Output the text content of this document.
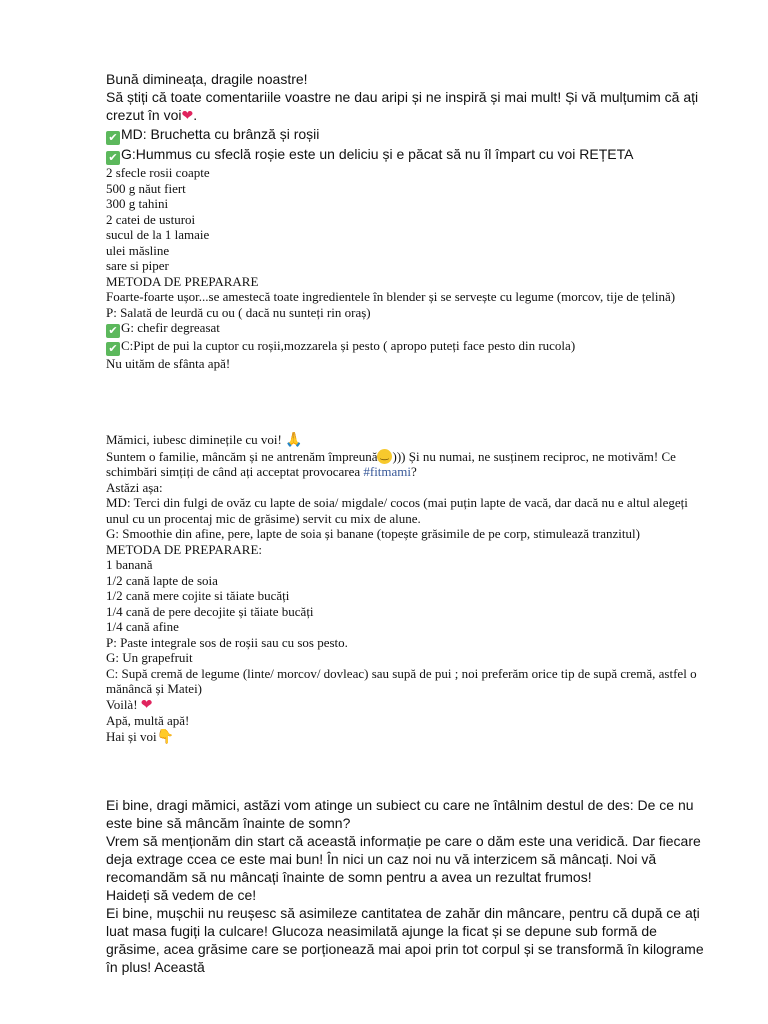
Bună dimineața, dragile noastre!

Să știți că toate comentariile voastre ne dau aripi și ne inspiră și mai mult! Și vă mulțumim că ați crezut în voi❤.

✔ MD: Bruchetta cu brânză și roșii

✔ G:Hummus cu sfeclă roșie este un deliciu și e păcat să nu îl împart cu voi REȚETA

2 sfecle rosii coapte

500 g năut fiert

300 g tahini

2 catei de usturoi

sucul de la 1 lamaie

ulei măsline

sare si piper

METODA DE PREPARARE

Foarte-foarte ușor...se amestecă toate ingredientele în blender și se servește cu legume (morcov, tije de țelină)

P: Salată de leurdă cu ou ( dacă nu sunteți rin oraș)

✔ G: chefir degreasat

✔ C:Pipt de pui la cuptor cu roșii,mozzarela și pesto ( apropo puteți face pesto din rucola)

Nu uităm de sfânta apă!

Mămici, iubesc diminețile cu voi! 🙏

Suntem o familie, mâncăm și ne antrenăm împreună‿ ))) Și nu numai, ne susținem reciproc, ne motivăm! Ce schimbări simțiți de când ați acceptat provocarea #fitmami?

Astăzi așa:

MD: Terci din fulgi de ovăz cu lapte de soia/ migdale/ cocos (mai puțin lapte de vacă, dar dacă nu e altul alegeți unul cu un procentaj mic de grăsime) servit cu mix de alune.

G: Smoothie din afine, pere, lapte de soia și banane (topește grăsimile de pe corp, stimulează tranzitul)

METODA DE PREPARARE:

1 banană

1/2 cană lapte de soia

1/2 cană mere cojite si tăiate bucăți

1/4 cană de pere decojite și tăiate bucăți

1/4 cană afine

P: Paste integrale sos de roșii sau cu sos pesto.

G: Un grapefruit

C: Supă cremă de legume (linte/ morcov/ dovleac) sau supă de pui ; noi preferăm orice tip de supă cremă, astfel o mănâncă și Matei)

Voilà! ❤

Apă, multă apă!

Hai și voi👇

Ei bine, dragi mămici, astăzi vom atinge un subiect cu care ne întâlnim destul de des: De ce nu este bine să mâncăm înainte de somn?

Vrem să menționăm din start că această informație pe care o dăm este una veridică. Dar fiecare deja extrage ccea ce este mai bun! În nici un caz noi nu vă interzicem să mâncați. Noi vă recomandăm să nu mâncați înainte de somn pentru a avea un rezultat frumos!

Haideți să vedem de ce!

Ei bine, mușchii nu reușesc să asimileze cantitatea de zahăr din mâncare, pentru că după ce ați luat masa fugiți la culcare! Glucoza neasimilată ajunge la ficat și se depune sub formă de grăsime, acea grăsime care se porționează mai apoi prin tot corpul și se transformă în kilograme în plus! Această
